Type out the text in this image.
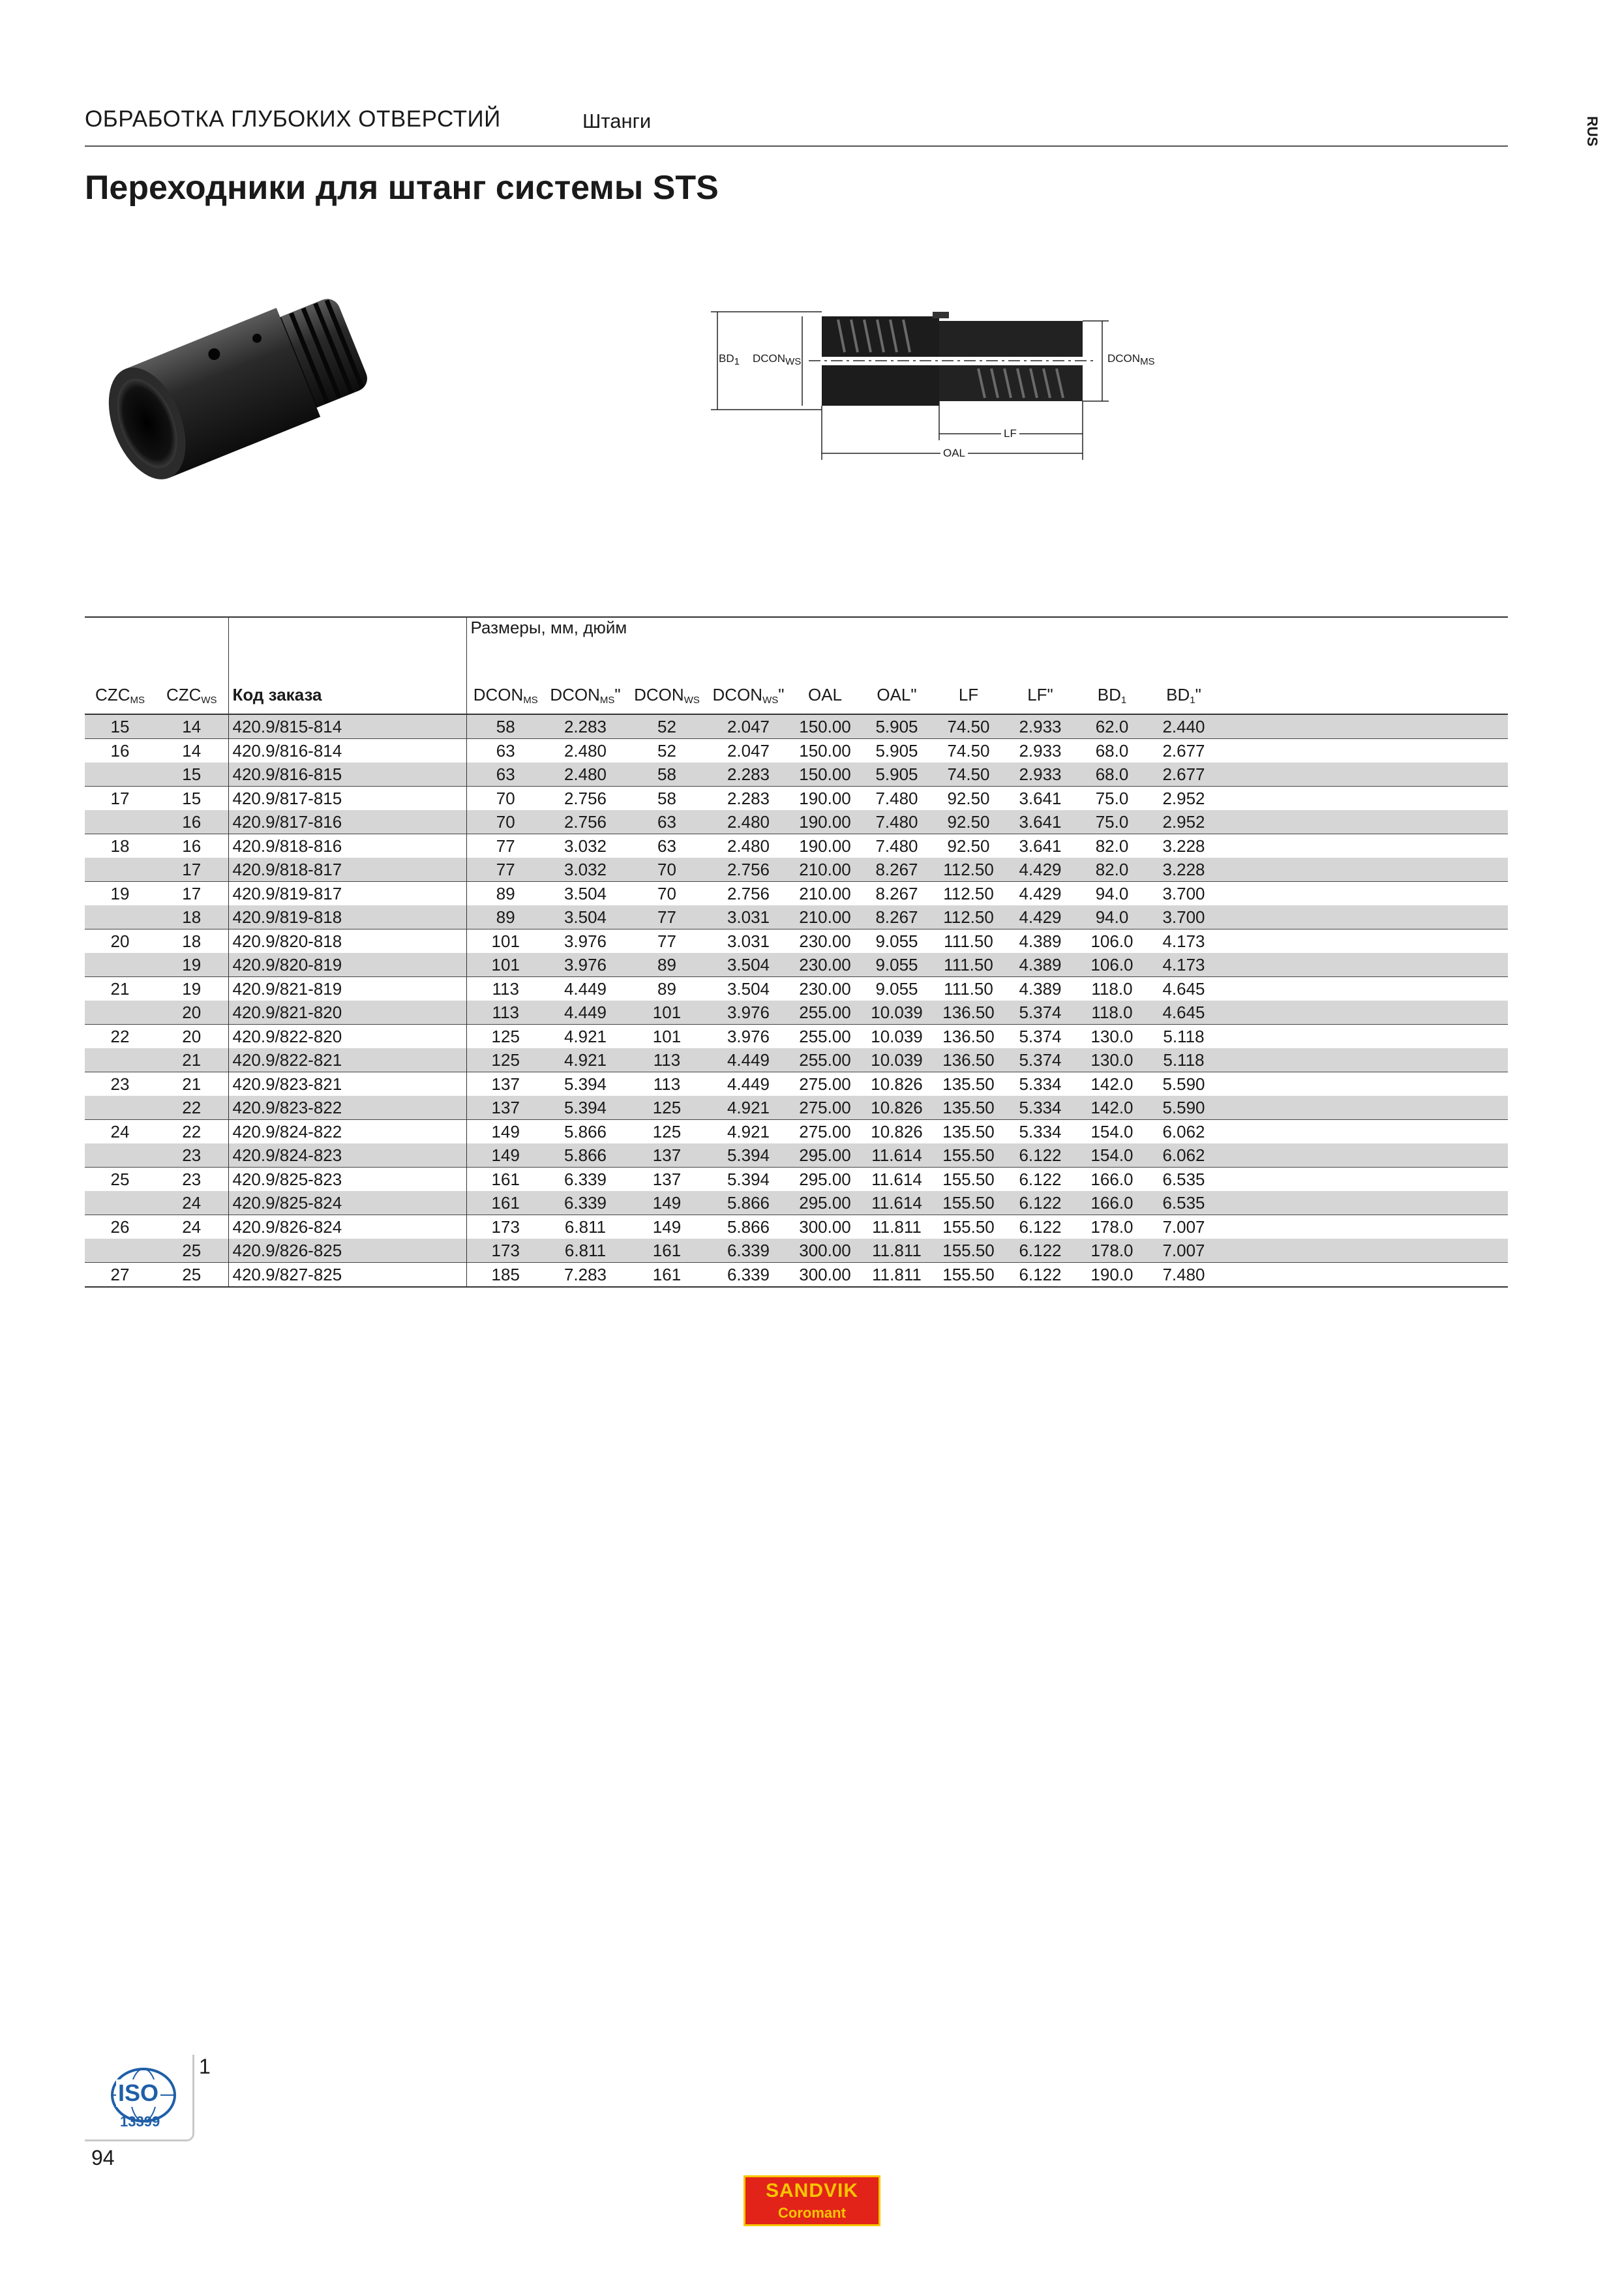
ОБРАБОТКА ГЛУБОКИХ ОТВЕРСТИЙ	Штанги	RUS
Переходники для штанг системы STS
$BD_1$ $DCON_{WS}$	$DCON_{MS}$
LF
OAL
			Размеры, мм, дюйм										
$CZC_{MS}$	$CZC_{WS}$	Код заказа	$DCON_{MS}$	$DCON_{MS}$"	$DCON_{WS}$	$DCON_{WS}$"	OAL	OAL"	LF	LF"	$BD_1$	$BD_1$"	
15	14	420.9/815-814	58	2.283	52	2.047	150.00	5.905	74.50	2.933	62.0	2.440	
16	14	420.9/816-814	63	2.480	52	2.047	150.00	5.905	74.50	2.933	68.0	2.677	
	15	420.9/816-815	63	2.480	58	2.283	150.00	5.905	74.50	2.933	68.0	2.677	
17	15	420.9/817-815	70	2.756	58	2.283	190.00	7.480	92.50	3.641	75.0	2.952	
	16	420.9/817-816	70	2.756	63	2.480	190.00	7.480	92.50	3.641	75.0	2.952	
18	16	420.9/818-816	77	3.032	63	2.480	190.00	7.480	92.50	3.641	82.0	3.228	
	17	420.9/818-817	77	3.032	70	2.756	210.00	8.267	112.50	4.429	82.0	3.228	
19	17	420.9/819-817	89	3.504	70	2.756	210.00	8.267	112.50	4.429	94.0	3.700	
	18	420.9/819-818	89	3.504	77	3.031	210.00	8.267	112.50	4.429	94.0	3.700	
20	18	420.9/820-818	101	3.976	77	3.031	230.00	9.055	111.50	4.389	106.0	4.173	
	19	420.9/820-819	101	3.976	89	3.504	230.00	9.055	111.50	4.389	106.0	4.173	
21	19	420.9/821-819	113	4.449	89	3.504	230.00	9.055	111.50	4.389	118.0	4.645	
	20	420.9/821-820	113	4.449	101	3.976	255.00	10.039	136.50	5.374	118.0	4.645	
22	20	420.9/822-820	125	4.921	101	3.976	255.00	10.039	136.50	5.374	130.0	5.118	
	21	420.9/822-821	125	4.921	113	4.449	255.00	10.039	136.50	5.374	130.0	5.118	
23	21	420.9/823-821	137	5.394	113	4.449	275.00	10.826	135.50	5.334	142.0	5.590	
	22	420.9/823-822	137	5.394	125	4.921	275.00	10.826	135.50	5.334	142.0	5.590	
24	22	420.9/824-822	149	5.866	125	4.921	275.00	10.826	135.50	5.334	154.0	6.062	
	23	420.9/824-823	149	5.866	137	5.394	295.00	11.614	155.50	6.122	154.0	6.062	
25	23	420.9/825-823	161	6.339	137	5.394	295.00	11.614	155.50	6.122	166.0	6.535	
	24	420.9/825-824	161	6.339	149	5.866	295.00	11.614	155.50	6.122	166.0	6.535	
26	24	420.9/826-824	173	6.811	149	5.866	300.00	11.811	155.50	6.122	178.0	7.007	
	25	420.9/826-825	173	6.811	161	6.339	300.00	11.811	155.50	6.122	178.0	7.007	
27	25	420.9/827-825	185	7.283	161	6.339	300.00	11.811	155.50	6.122	190.0	7.480	
ISO
13399
1
94
SANDVIK
Coromant
